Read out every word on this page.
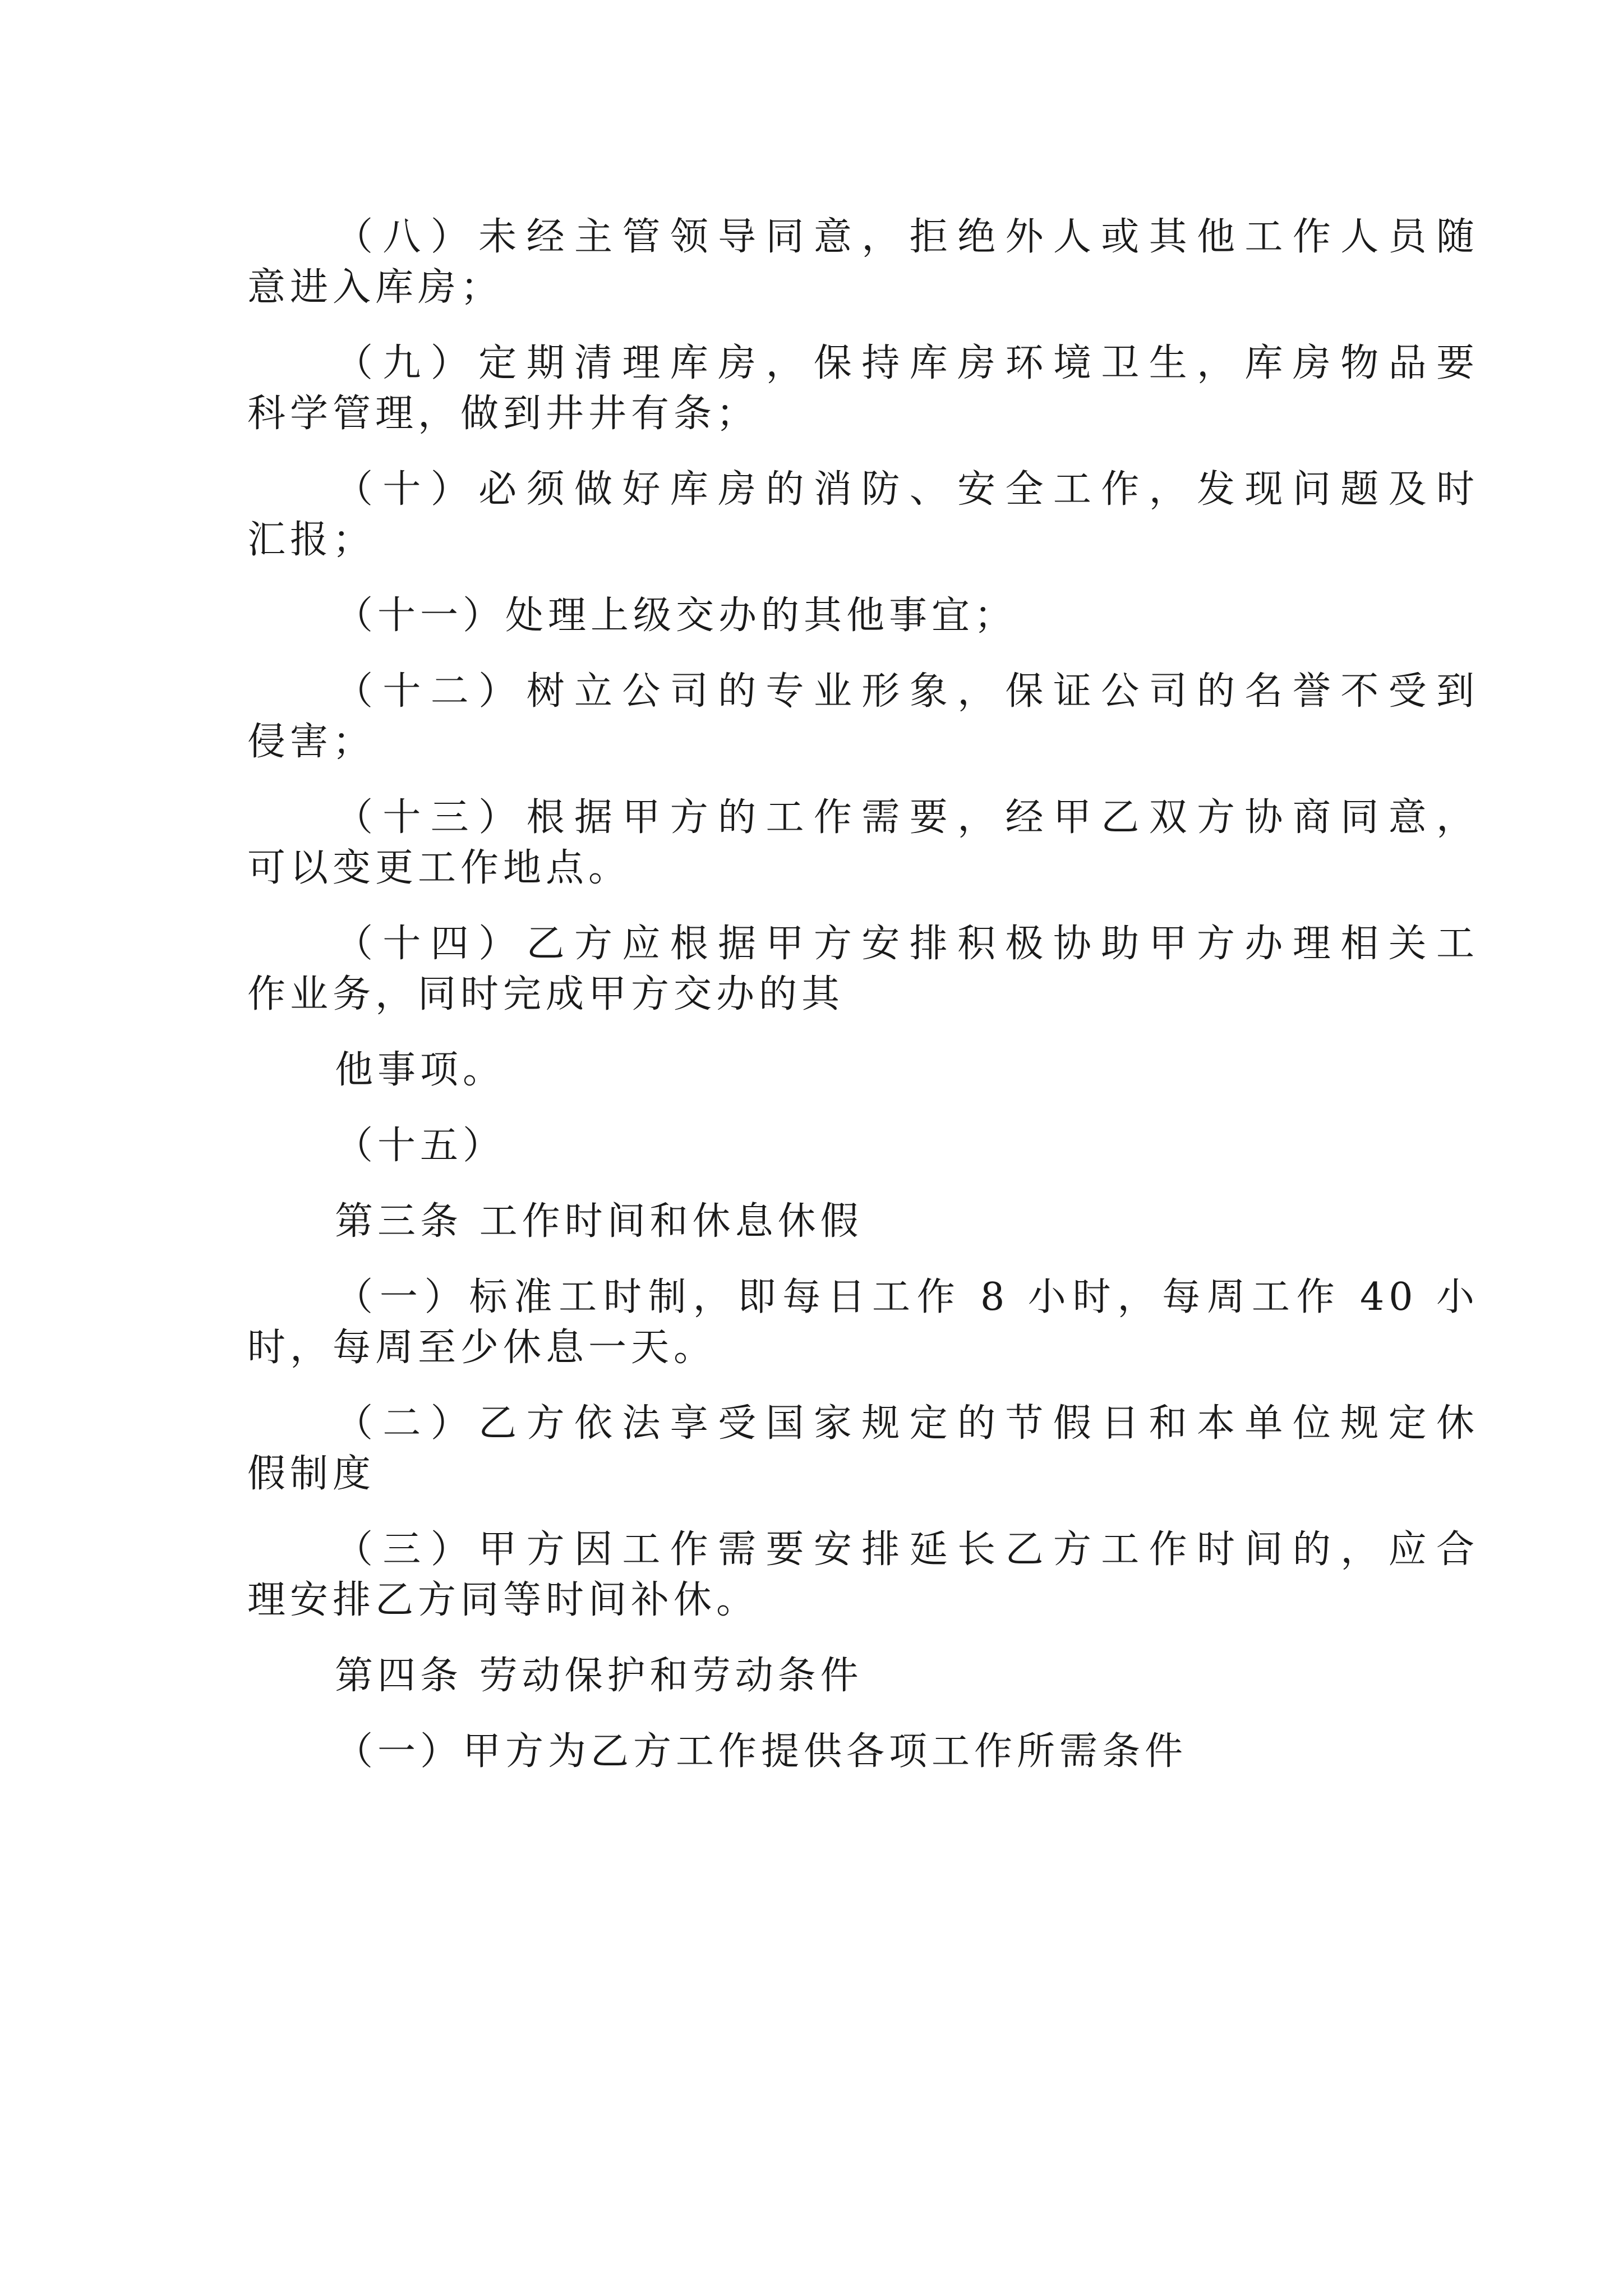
（八）未经主管领导同意，拒绝外人或其他工作人员随
意进入库房；
（九）定期清理库房，保持库房环境卫生，库房物品要
科学管理，做到井井有条；
（十）必须做好库房的消防、安全工作，发现问题及时
汇报；
（十一）处理上级交办的其他事宜；
（十二）树立公司的专业形象，保证公司的名誉不受到
侵害；
（十三）根据甲方的工作需要，经甲乙双方协商同意，
可以变更工作地点。
（十四）乙方应根据甲方安排积极协助甲方办理相关工
作业务，同时完成甲方交办的其
他事项。
（十五）
第三条 工作时间和休息休假
（一）标准工时制，即每日工作 8 小时，每周工作 40 小
时，每周至少休息一天。
（二）乙方依法享受国家规定的节假日和本单位规定休
假制度
（三）甲方因工作需要安排延长乙方工作时间的，应合
理安排乙方同等时间补休。
第四条 劳动保护和劳动条件
（一）甲方为乙方工作提供各项工作所需条件
